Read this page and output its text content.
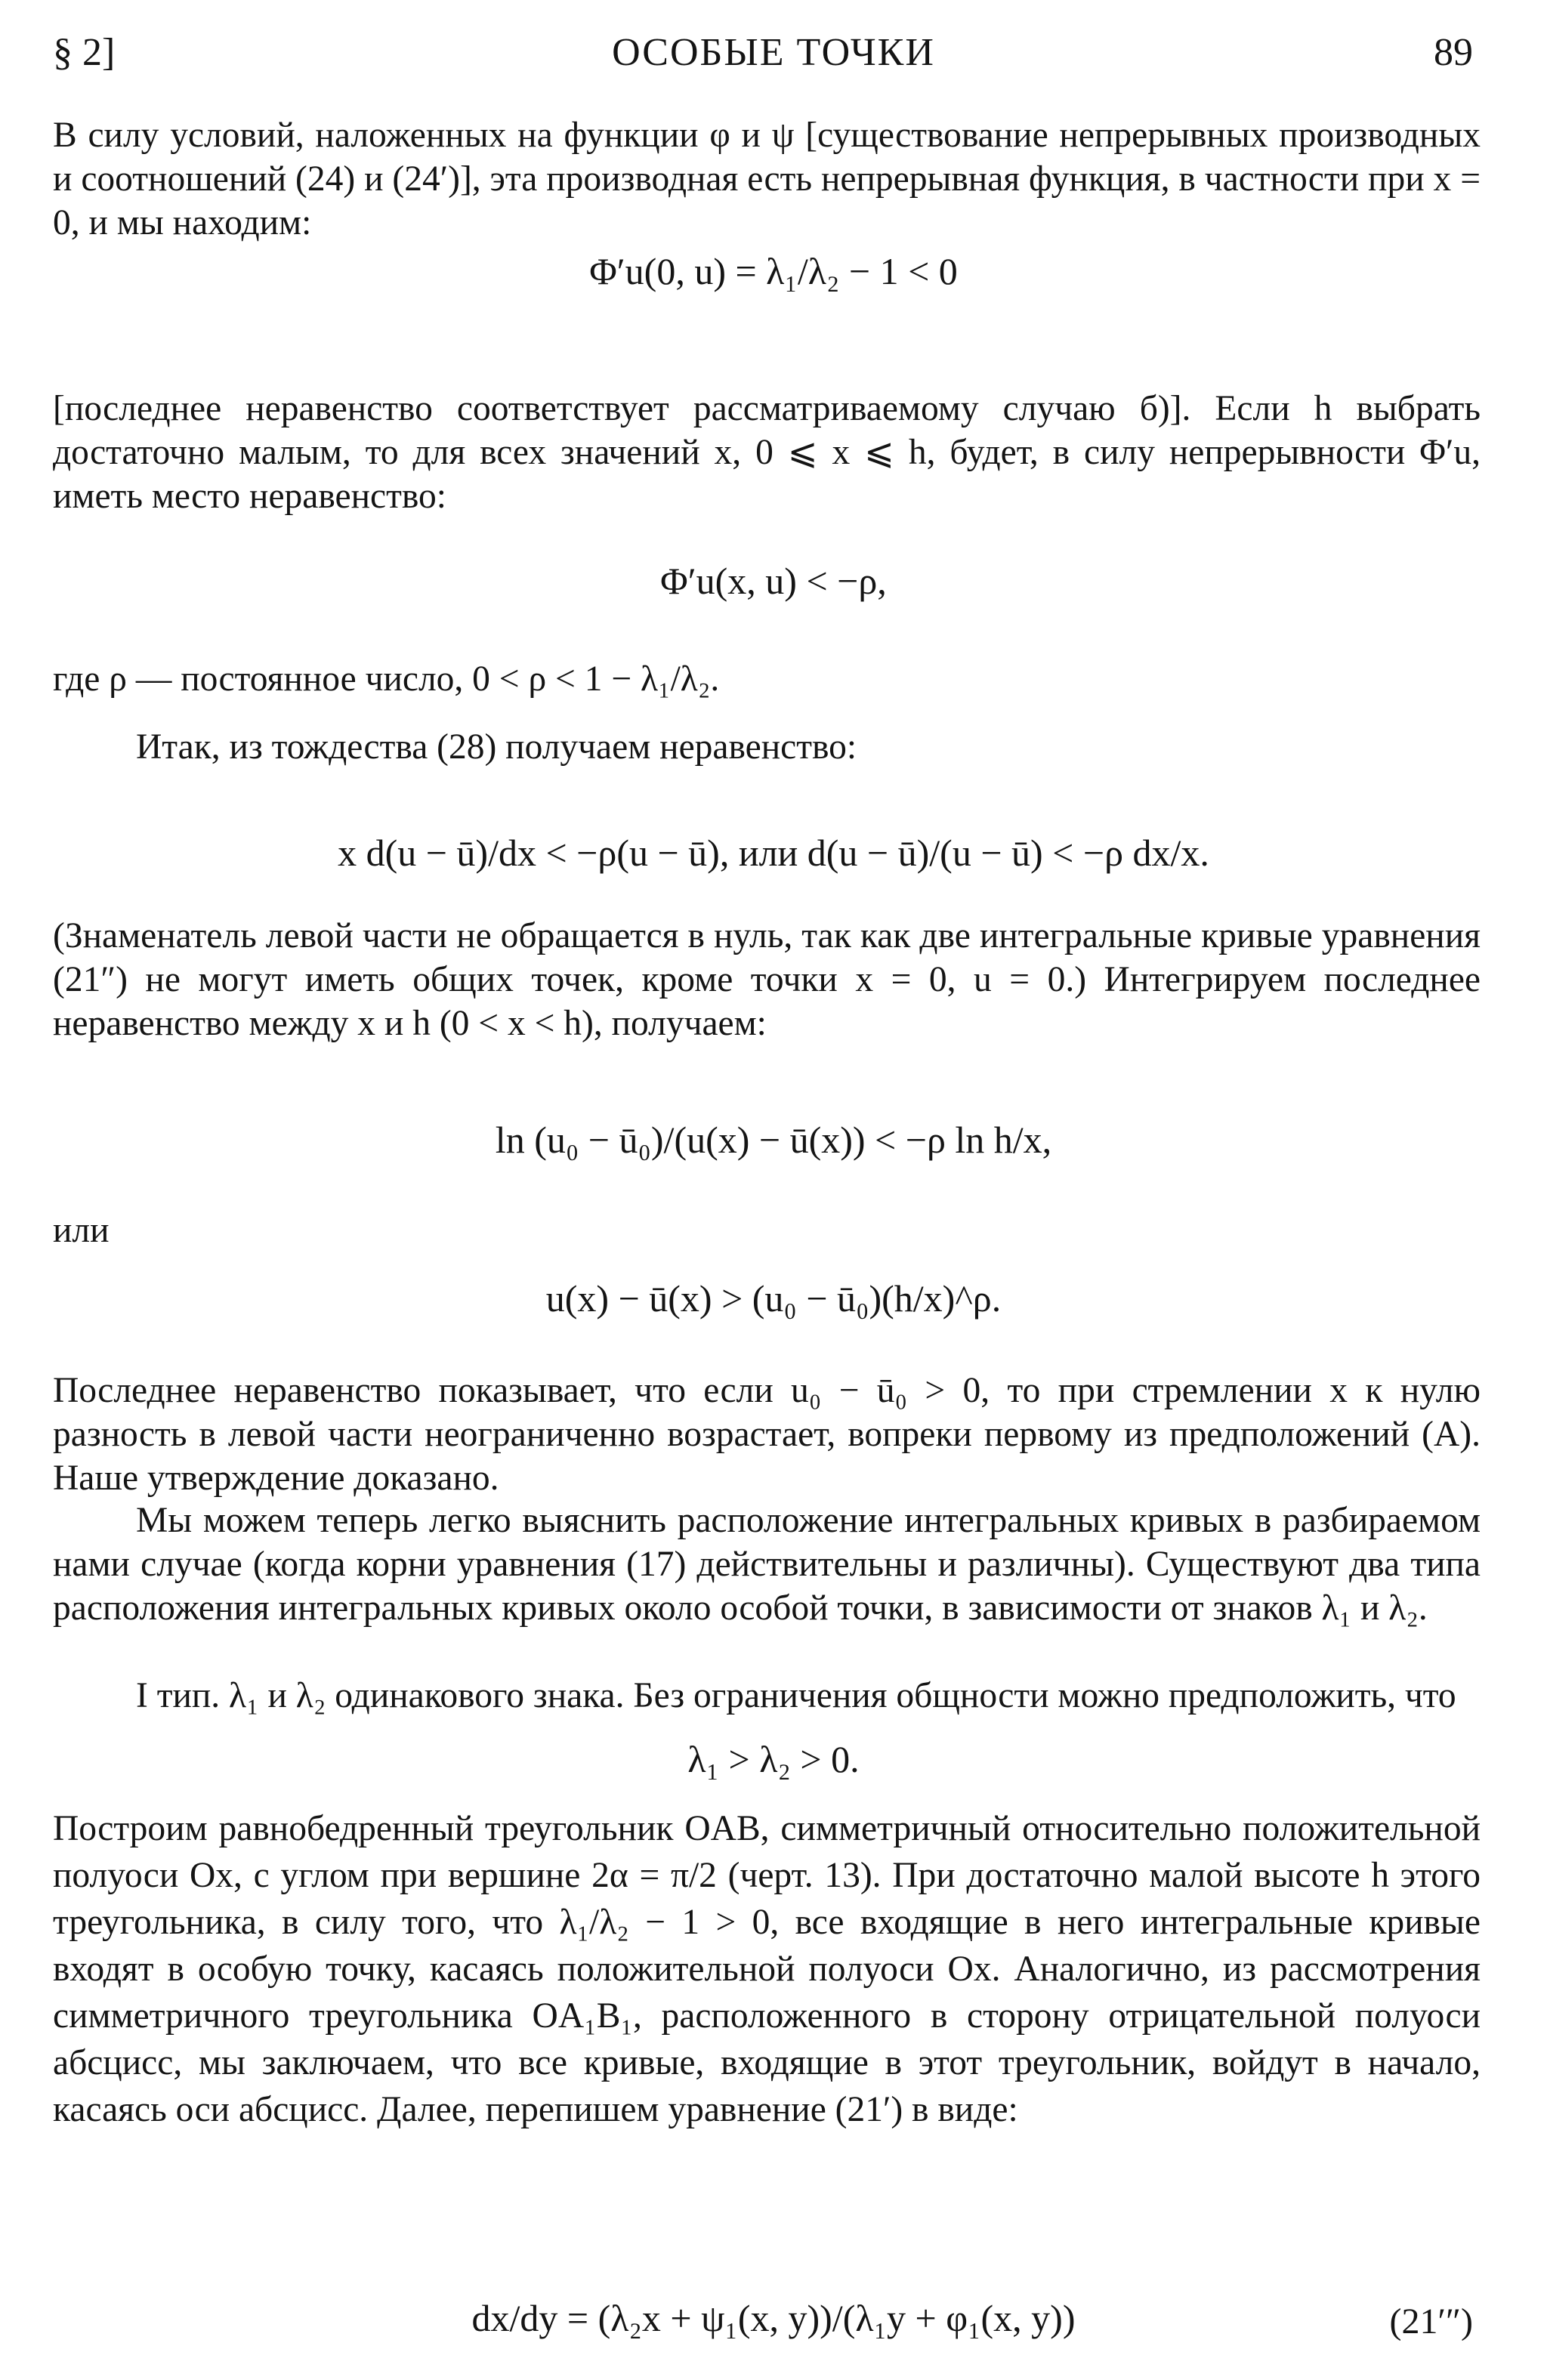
§ 2]	ОСОБЫЕ ТОЧКИ	89

В силу условий, наложенных на функции φ и ψ [существование непрерывных производных и соотношений (24) и (24′)], эта производная есть непрерывная функция, в частности при x = 0, и мы находим:

Φ′u(0, u) = λ₁/λ₂ − 1 < 0

[последнее неравенство соответствует рассматриваемому случаю б)]. Если h выбрать достаточно малым, то для всех значений x, 0 ⩽ x ⩽ h, будет, в силу непрерывности Φ′u, иметь место неравенство:

Φ′u(x, u) < −ρ,

где ρ — постоянное число, 0 < ρ < 1 − λ₁/λ₂.

Итак, из тождества (28) получаем неравенство:

x d(u − ū)/dx < −ρ(u − ū), или d(u − ū)/(u − ū) < −ρ dx/x.

(Знаменатель левой части не обращается в нуль, так как две интегральные кривые уравнения (21″) не могут иметь общих точек, кроме точки x = 0, u = 0.) Интегрируем последнее неравенство между x и h (0 < x < h), получаем:

ln (u₀ − ū₀)/(u(x) − ū(x)) < −ρ ln h/x,

или

u(x) − ū(x) > (u₀ − ū₀)(h/x)^ρ.

Последнее неравенство показывает, что если u₀ − ū₀ > 0, то при стремлении x к нулю разность в левой части неограниченно возрастает, вопреки первому из предположений (А). Наше утверждение доказано.

Мы можем теперь легко выяснить расположение интегральных кривых в разбираемом нами случае (когда корни уравнения (17) действительны и различны). Существуют два типа расположения интегральных кривых около особой точки, в зависимости от знаков λ₁ и λ₂.

I тип. λ₁ и λ₂ одинакового знака. Без ограничения общности можно предположить, что

λ₁ > λ₂ > 0.

Построим равнобедренный треугольник OAB, симметричный относительно положительной полуоси Ox, с углом при вершине 2α = π/2 (черт. 13). При достаточно малой высоте h этого треугольника, в силу того, что λ₁/λ₂ − 1 > 0, все входящие в него интегральные кривые входят в особую точку, касаясь положительной полуоси Ox. Аналогично, из рассмотрения симметричного треугольника OA₁B₁, расположенного в сторону отрицательной полуоси абсцисс, мы заключаем, что все кривые, входящие в этот треугольник, войдут в начало, касаясь оси абсцисс. Далее, перепишем уравнение (21′) в виде:

dx/dy = (λ₂x + ψ₁(x, y))/(λ₁y + φ₁(x, y))	(21′″)
